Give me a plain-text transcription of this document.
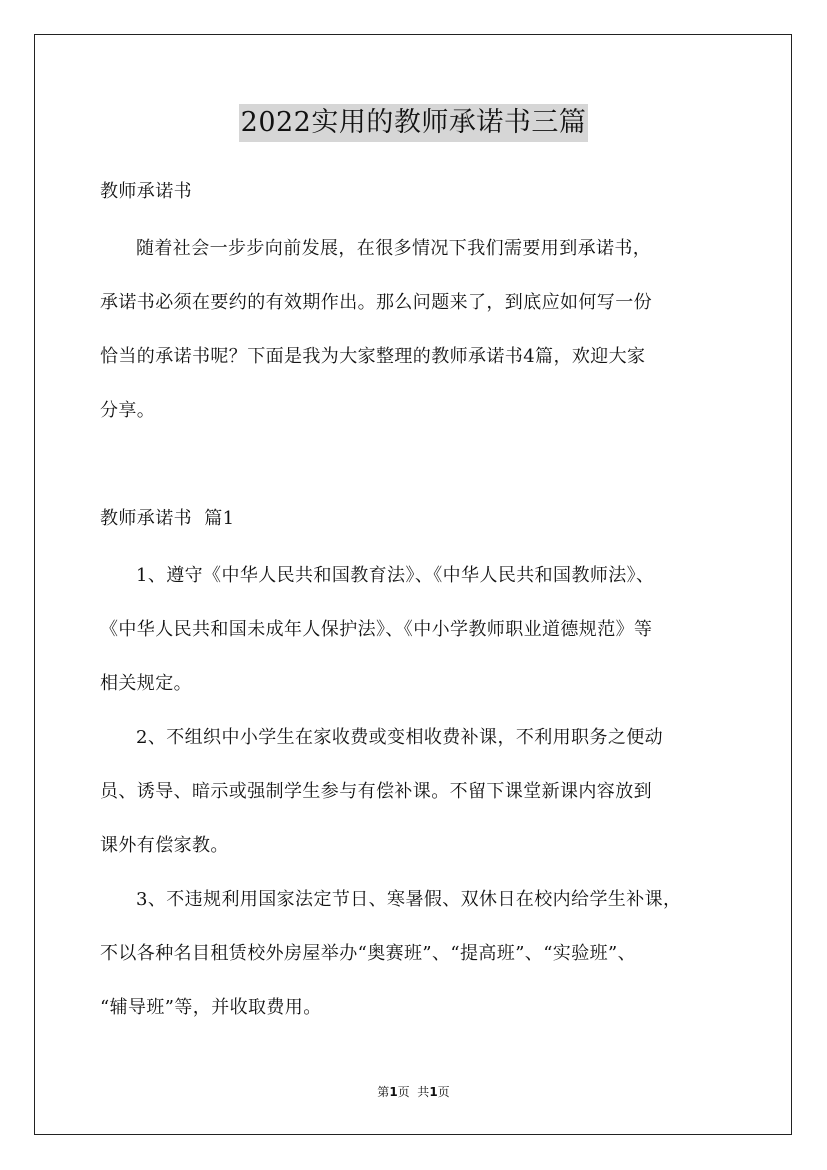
2022实用的教师承诺书三篇
教师承诺书
随着社会一步步向前发展，在很多情况下我们需要用到承诺书，
承诺书必须在要约的有效期作出。那么问题来了，到底应如何写一份
恰当的承诺书呢？下面是我为大家整理的教师承诺书4篇，欢迎大家
分享。
教师承诺书  篇1
1、遵守《中华人民共和国教育法》、《中华人民共和国教师法》、
《中华人民共和国未成年人保护法》、《中小学教师职业道德规范》等
相关规定。
2、不组织中小学生在家收费或变相收费补课，不利用职务之便动
员、诱导、暗示或强制学生参与有偿补课。不留下课堂新课内容放到
课外有偿家教。
3、不违规利用国家法定节日、寒暑假、双休日在校内给学生补课，
不以各种名目租赁校外房屋举办“奥赛班”、“提高班”、“实验班”、
“辅导班”等，并收取费用。
第1页  共1页
